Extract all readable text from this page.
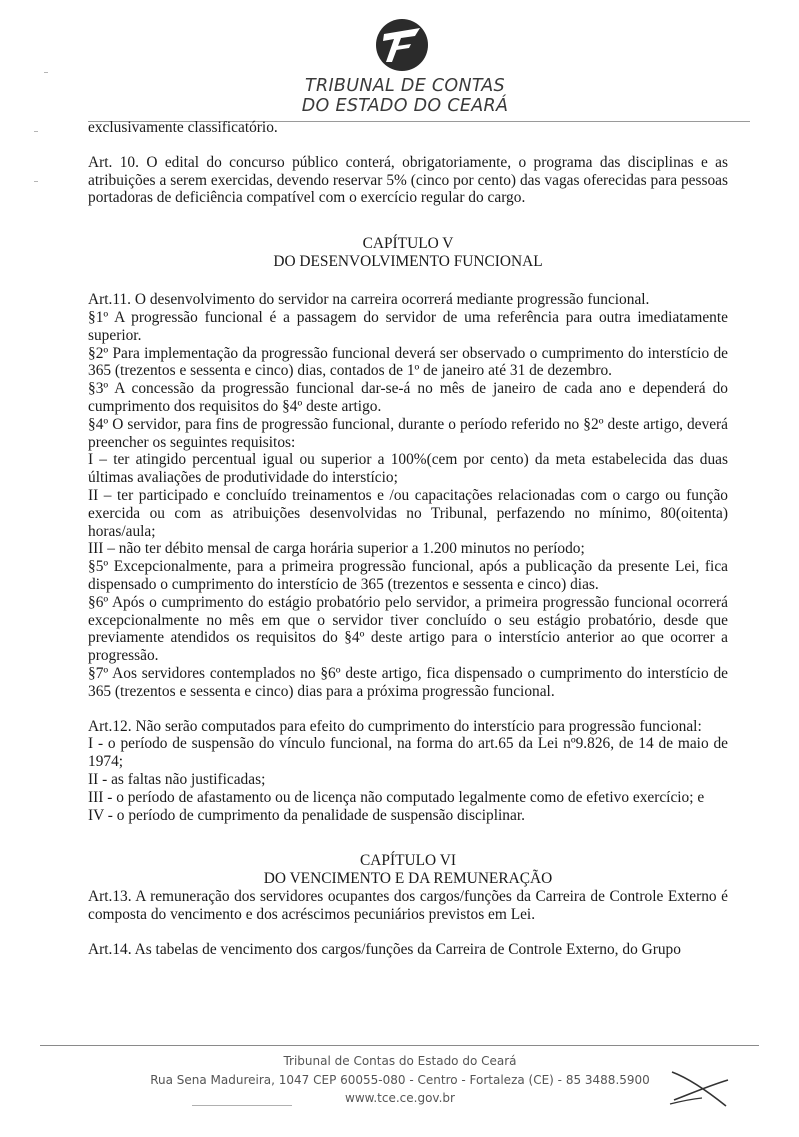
TRIBUNAL DE CONTAS
DO ESTADO DO CEARÁ

exclusivamente classificatório.

Art. 10. O edital do concurso público conterá, obrigatoriamente, o programa das disciplinas e as atribuições a serem exercidas, devendo reservar 5% (cinco por cento) das vagas oferecidas para pessoas portadoras de deficiência compatível com o exercício regular do cargo.

CAPÍTULO V
DO DESENVOLVIMENTO FUNCIONAL

Art.11. O desenvolvimento do servidor na carreira ocorrerá mediante progressão funcional.

§1º A progressão funcional é a passagem do servidor de uma referência para outra imediatamente superior.

§2º Para implementação da progressão funcional deverá ser observado o cumprimento do interstício de 365 (trezentos e sessenta e cinco) dias, contados de 1º de janeiro até 31 de dezembro.

§3º A concessão da progressão funcional dar-se-á no mês de janeiro de cada ano e dependerá do cumprimento dos requisitos do §4º deste artigo.

§4º O servidor, para fins de progressão funcional, durante o período referido no §2º deste artigo, deverá preencher os seguintes requisitos:

I – ter atingido percentual igual ou superior a 100%(cem por cento) da meta estabelecida das duas últimas avaliações de produtividade do interstício;

II – ter participado e concluído treinamentos e /ou capacitações relacionadas com o cargo ou função exercida ou com as atribuições desenvolvidas no Tribunal, perfazendo no mínimo, 80(oitenta) horas/aula;

III – não ter débito mensal de carga horária superior a 1.200 minutos no período;

§5º Excepcionalmente, para a primeira progressão funcional, após a publicação da presente Lei, fica dispensado o cumprimento do interstício de 365 (trezentos e sessenta e cinco) dias.

§6º Após o cumprimento do estágio probatório pelo servidor, a primeira progressão funcional ocorrerá excepcionalmente no mês em que o servidor tiver concluído o seu estágio probatório, desde que previamente atendidos os requisitos do §4º deste artigo para o interstício anterior ao que ocorrer a progressão.

§7º Aos servidores contemplados no §6º deste artigo, fica dispensado o cumprimento do interstício de 365 (trezentos e sessenta e cinco) dias para a próxima progressão funcional.

Art.12. Não serão computados para efeito do cumprimento do interstício para progressão funcional:

I - o período de suspensão do vínculo funcional, na forma do art.65 da Lei nº9.826, de 14 de maio de 1974;

II - as faltas não justificadas;

III - o período de afastamento ou de licença não computado legalmente como de efetivo exercício; e

IV - o período de cumprimento da penalidade de suspensão disciplinar.

CAPÍTULO VI
DO VENCIMENTO E DA REMUNERAÇÃO

Art.13. A remuneração dos servidores ocupantes dos cargos/funções da Carreira de Controle Externo é composta do vencimento e dos acréscimos pecuniários previstos em Lei.

Art.14. As tabelas de vencimento dos cargos/funções da Carreira de Controle Externo, do Grupo

Tribunal de Contas do Estado do Ceará
Rua Sena Madureira, 1047 CEP 60055-080 - Centro - Fortaleza (CE) - 85 3488.5900
www.tce.ce.gov.br
